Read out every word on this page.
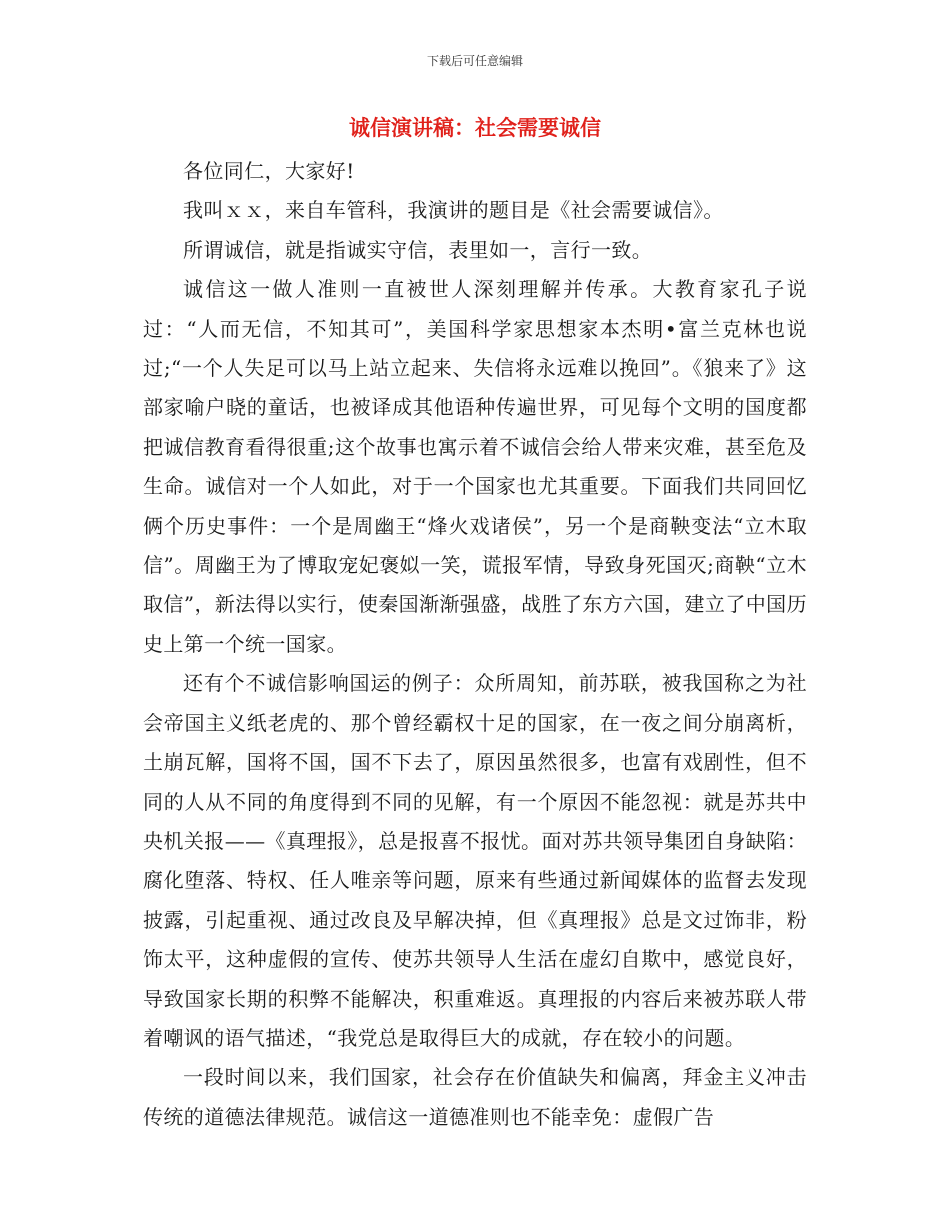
下载后可任意编辑
诚信演讲稿：社会需要诚信

各位同仁，大家好!

我叫ｘｘ，来自车管科，我演讲的题目是《社会需要诚信》。

所谓诚信，就是指诚实守信，表里如一，言行一致。

诚信这一做人准则一直被世人深刻理解并传承。大教育家孔子说过：“人而无信，不知其可”，美国科学家思想家本杰明•富兰克林也说过;“一个人失足可以马上站立起来、失信将永远难以挽回”。《狼来了》这部家喻户晓的童话，也被译成其他语种传遍世界，可见每个文明的国度都把诚信教育看得很重;这个故事也寓示着不诚信会给人带来灾难，甚至危及生命。诚信对一个人如此，对于一个国家也尤其重要。下面我们共同回忆俩个历史事件：一个是周幽王“烽火戏诸侯”，另一个是商鞅变法“立木取信”。周幽王为了博取宠妃褒姒一笑，谎报军情，导致身死国灭;商鞅“立木取信”，新法得以实行，使秦国渐渐强盛，战胜了东方六国，建立了中国历史上第一个统一国家。

还有个不诚信影响国运的例子：众所周知，前苏联，被我国称之为社会帝国主义纸老虎的、那个曾经霸权十足的国家，在一夜之间分崩离析，土崩瓦解，国将不国，国不下去了，原因虽然很多，也富有戏剧性，但不同的人从不同的角度得到不同的见解，有一个原因不能忽视：就是苏共中央机关报——《真理报》，总是报喜不报忧。面对苏共领导集团自身缺陷：腐化堕落、特权、任人唯亲等问题，原来有些通过新闻媒体的监督去发现披露，引起重视、通过改良及早解决掉，但《真理报》总是文过饰非，粉饰太平，这种虚假的宣传、使苏共领导人生活在虚幻自欺中，感觉良好，导致国家长期的积弊不能解决，积重难返。真理报的内容后来被苏联人带着嘲讽的语气描述，“我党总是取得巨大的成就，存在较小的问题。

一段时间以来，我们国家，社会存在价值缺失和偏离，拜金主义冲击传统的道德法律规范。诚信这一道德准则也不能幸免：虚假广告
